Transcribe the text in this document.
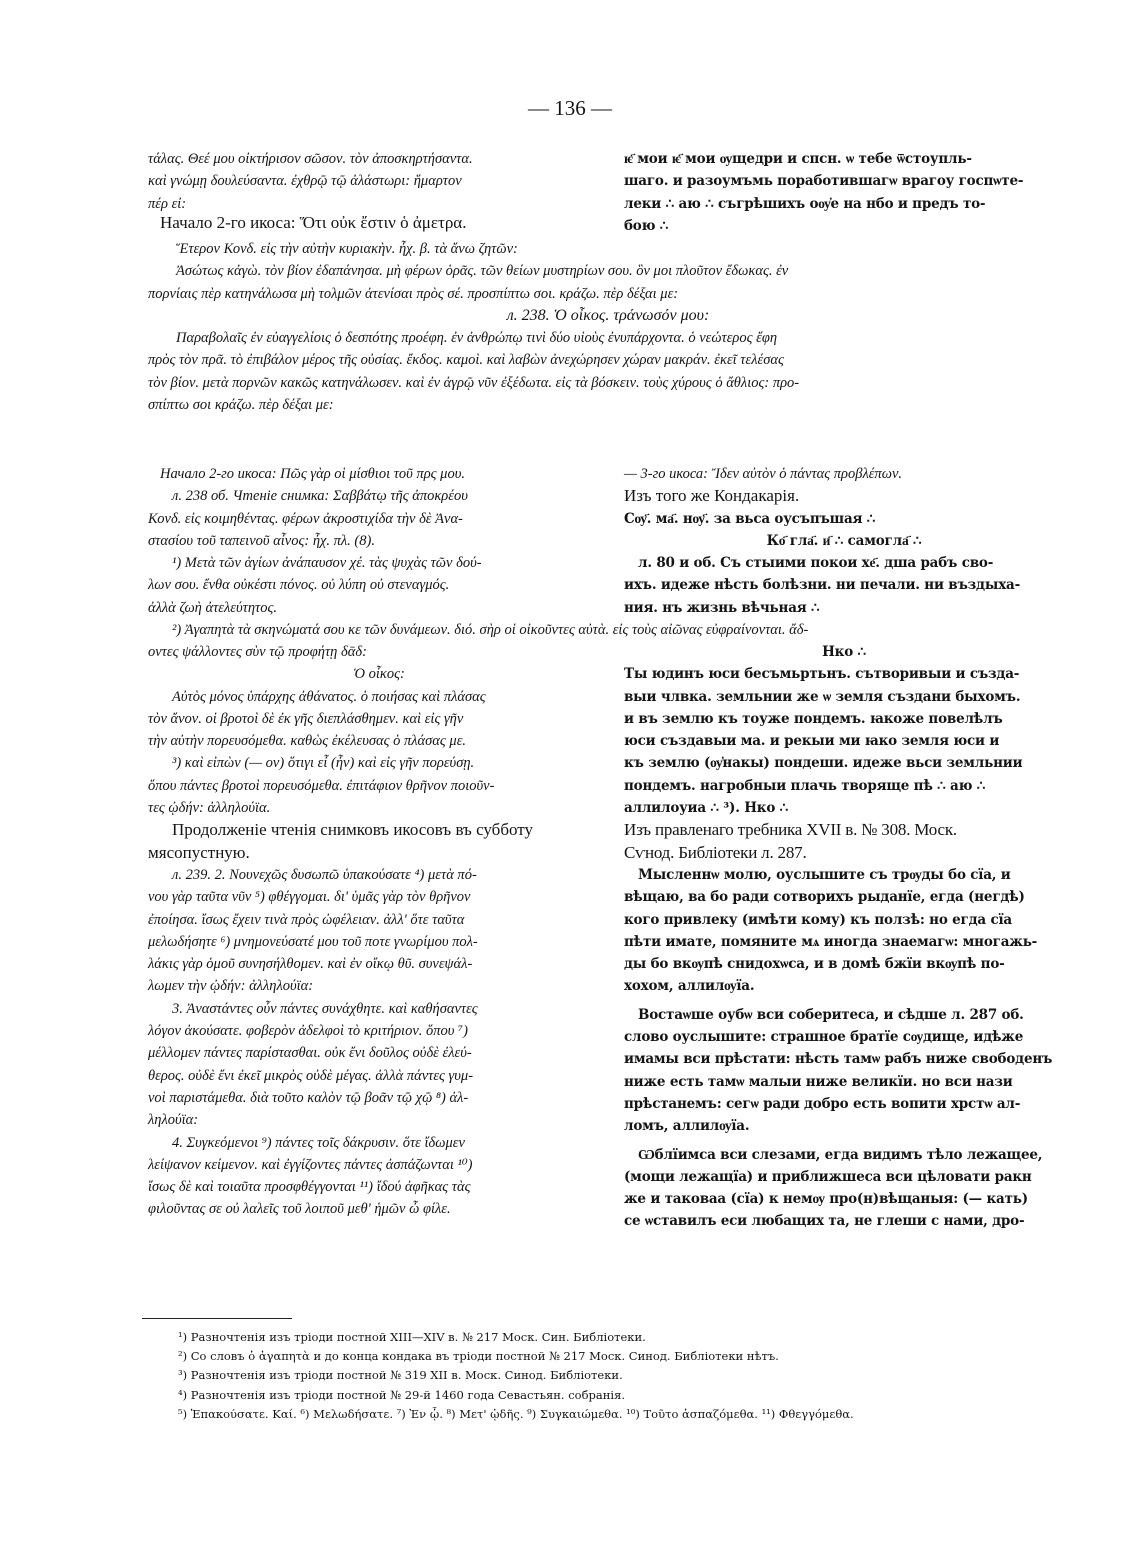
— 136 —

τάλας. Θεέ μου οἰκτήρισον σῶσον. τὸν ἀποσκηρτήσαντα.

καὶ γνώμῃ δουλεύσαντα. ἐχθρῷ τῷ ἀλάστωρι: ἥμαρτον

πέρ εἰ:

Начало 2-го икоса: Ὅτι οὐκ ἔστιν ὁ ἀμετρα.

ѥ҃ мои ѥ҃ мои ѹщедри и спсн. ѡ тебе ѿстоупль-

шаго. и разоумъмь поработившагѡ врагоу госпѡте-

леки ∴ аю ∴ съгрѣшихъ оѹ҆е на нбо и предъ то-

бою ∴

Ἕτερον Κονδ. εἰς τὴν αὐτὴν κυριακὴν. ἦχ. β. τὰ ἄνω ζητῶν:

Ἀσώτως κἀγὼ. τὸν βίον ἐδαπάνησα. μὴ φέρων ὁρᾶς. τῶν θείων μυστηρίων σου. ὃν μοι πλοῦτον ἔδωκας. ἐν

πορνίαις πὲρ κατηνάλωσα μὴ τολμῶν ἀτενίσαι πρὸς σέ. προσπίπτω σοι. κράζω. πὲρ δέξαι με:

л. 238. Ὁ οἶκος. τράνωσόν μου:

Παραβολαῖς ἐν εὐαγγελίοις ὁ δεσπότης προέφη. ἐν ἀνθρώπῳ τινὶ δύο υἱοὺς ἐνυπάρχοντα. ὁ νεώτερος ἔφη

πρὸς τὸν πρᾶ. τὸ ἐπιβάλον μέρος τῆς οὐσίας. ἔκδος. καμοὶ. καὶ λαβὼν ἀνεχώρησεν χώραν μακράν. ἐκεῖ τελέσας

τὸν βίον. μετὰ πορνῶν κακῶς κατηνάλωσεν. καὶ ἐν ἀγρῷ νῦν ἐξέδωτα. εἰς τὰ βόσκειν. τοὺς χύρους ὁ ἄθλιος: προ-

σπίπτω σοι κράζω. πὲρ δέξαι με:

Начало 2-го икоса: Πῶς γὰρ οἱ μίσθιοι τοῦ πρς μου.

л. 238 об. Чтеніе снимка: Σαββάτῳ τῆς ἀποκρέου

Κονδ. εἰς κοιμηθέντας. φέρων ἀκροστιχίδα τὴν δὲ Ἀνα-

στασίου τοῦ ταπεινοῦ αἶνος: ἦχ. πλ. (8).

¹) Μετὰ τῶν ἁγίων ἀνάπαυσον χέ. τὰς ψυχὰς τῶν δού-

λων σου. ἔνθα οὐκέστι πόνος. οὐ λύπη οὐ στεναγμός.

ἀλλὰ ζωὴ ἀτελεύτητος.

— 3-го икоса: Ἴδεν αὐτὸν ὁ πάντας προβλέπων.

Изъ того же Кондакарія.

Сѹ҃. ма҃. нѹ҃. за вьса оусъпъшая ∴

Ко҃ гла҃. и҃ ∴ самогла҃ ∴

л. 80 и об. Съ стыими покои хе҃. дша рабъ сво-

ихъ. идеже нѣсть болѣзни. ни печали. ни въздыха-

ния. нъ жизнь вѣчьная ∴

²) Ἀγαπητὰ τὰ σκηνώματά σου κε τῶν δυνάμεων. διό. σὴρ οἱ οἰκοῦντες αὐτὰ. εἰς τοὺς αἰῶνας εὐφραίνονται. ἄδ-

οντες ψάλλοντες σὺν τῷ προφήτῃ δᾱδ:

Ὁ οἶκος:

Αὐτὸς μόνος ὑπάρχης ἀθάνατος. ὁ ποιήσας καὶ πλάσας

τὸν ἄνον. οἱ βροτοὶ δὲ ἐκ γῆς διεπλάσθημεν. καὶ εἰς γῆν

τὴν αὐτὴν πορευσόμεθα. καθὼς ἐκέλευσας ὁ πλάσας με.

³) καὶ εἰπὼν (— ον) ὅτιγι εἶ (ἦν) καὶ εἰς γῆν πορεύσῃ.

ὅπου πάντες βροτοὶ πορευσόμεθα. ἐπιτάφιον θρῆνον ποιοῦν-

τες ᾠδήν: ἀλληλούϊα.

Продолженіе чтенія снимковъ икосовъ въ субботу

мясопустную.

л. 239. 2. Νουνεχῶς δυσωπῶ ὑπακούσατε ⁴) μετὰ πό-

νου γὰρ ταῦτα νῦν ⁵) φθέγγομαι. δι' ὑμᾶς γὰρ τὸν θρῆνον

ἐποίησα. ἴσως ἔχειν τινὰ πρὸς ὠφέλειαν. ἀλλ' ὅτε ταῦτα

μελωδήσητε ⁶) μνημονεύσατέ μου τοῦ ποτε γνωρίμου πολ-

λάκις γὰρ ὁμοῦ συνησήλθομεν. καὶ ἐν οἴκῳ θῦ. συνεψάλ-

λωμεν τὴν ᾠδήν: ἀλληλούϊα:

3. Ἀναστάντες οὖν πάντες συνάχθητε. καὶ καθήσαντες

λόγον ἀκούσατε. φοβερὸν ἀδελφοὶ τὸ κριτήριον. ὅπου ⁷)

μέλλομεν πάντες παρίστασθαι. οὐκ ἔνι δοῦλος οὐδὲ ἐλεύ-

θερος. οὐδὲ ἔνι ἐκεῖ μικρὸς οὐδὲ μέγας. ἀλλὰ πάντες γυμ-

νοὶ παριστάμεθα. διὰ τοῦτο καλὸν τῷ βοᾶν τῷ χῷ ⁸) ἀλ-

ληλούϊα:

4. Συγκεόμενοι ⁹) πάντες τοῖς δάκρυσιν. ὅτε ἴδωμεν

λείψανον κείμενον. καὶ ἐγγίζοντες πάντες ἀσπάζωνται ¹⁰)

ἴσως δὲ καὶ τοιαῦτα προσφθέγγονται ¹¹) ἴδού ἀφῆκας τὰς

φιλοῦντας σε οὐ λαλεῖς τοῦ λοιποῦ μεθ' ἡμῶν ὦ φίλε.

Нко ∴

Ты юдинъ юси бесъмьртьнъ. сътворивыи и създа-

выи члвка. земльнии же ѡ земля създани быхомъ.

и въ землю къ тоуже пондемъ. ꙗкоже повелѣлъ

юси създавыи ма. и рекыи ми ꙗко земля юси и

къ землю (ѹ҆накы) пондеши. идеже вьси земльнии

пондемъ. нагробныи плачь творяще пѣ ∴ аю ∴

аллилоуиа ∴ ³). Нко ∴

Изъ правленаго требника XVII в. № 308. Моск.

Сѵнод. Библіотеки л. 287.

Мысленнѡ молю, оуслышите съ трѹды бо сїа, и

вѣщаю, ва бо ради сотворихъ рыданїе, егда (негдѣ)

кого привлеку (имѣти кому) къ ползѣ: но егда сїа

пѣти имате, помяните мѧ иногда знаемагѡ: многажь-

ды бо вкѹпѣ снидохѡса, и в домѣ бжїи вкѹпѣ по-

хохом, аллилѹїа.

Востаѡше оубѡ вси соберитеса, и сѣдше л. 287 об.

слово оуслышите: страшное братїе сѹдище, идѣже

имамы вси прѣстати: нѣсть тамѡ рабъ ниже свободенъ

ниже есть тамѡ малыи ниже великїи. но вси нази

прѣстанемъ: сегѡ ради добро есть вопити хрстѡ ал-

ломъ, аллилѹїа.

Ѡблїимса вси слезами, егда видимъ тѣло лежащее,

(мощи лежащїа) и приближшеса вси цѣловати ракн

же и таковаа (сїа) к немѹ про(н)вѣщаныя: (— кать)

се ѡставилъ еси любащих та, не глеши с нами, дро-

¹) Разночтенія изъ тріоди постной XIII—XIV в. № 217 Моск. Син. Библіотеки.
²) Со словъ ὁ ἀγαπητὰ и до конца кондака въ тріоди постной № 217 Моск. Синод. Библіотеки нѣтъ.
³) Разночтенія изъ тріоди постной № 319 XII в. Моск. Синод. Библіотеки.
⁴) Разночтенія изъ тріоди постной № 29-й 1460 года Севастьян. собранія.
⁵) Ἐπακούσατε. Καί. ⁶) Μελωδήσατε. ⁷) Ἐν ᾧ. ⁸) Μετ' ᾠδῆς. ⁹) Συγκαιώμεθα. ¹⁰) Τοῦτο ἀσπαζόμεθα. ¹¹) Φθεγγόμεθα.
